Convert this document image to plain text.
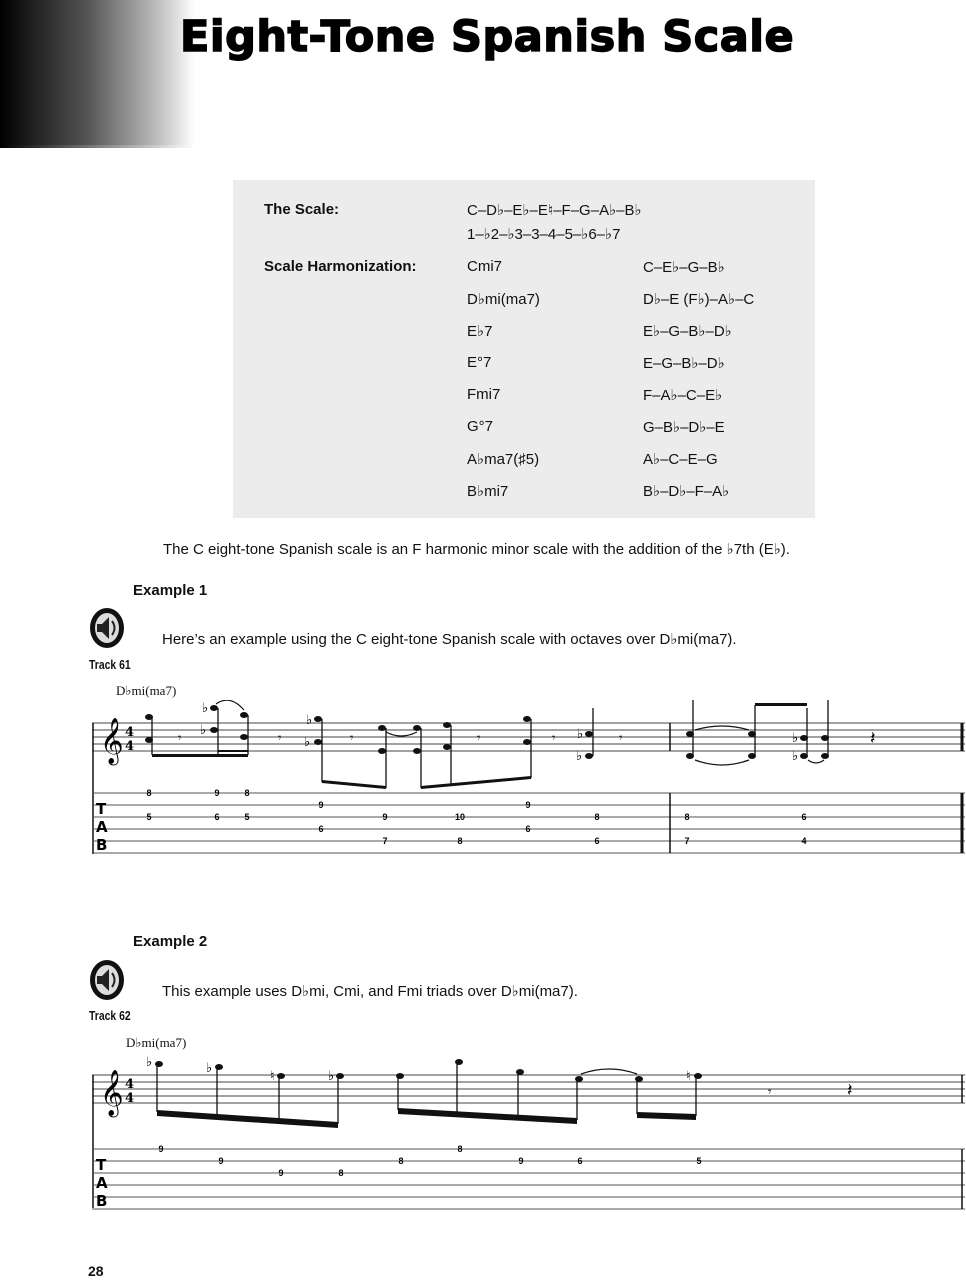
Eight-Tone Spanish Scale
The Scale:	C–D♭–E♭–E♮–F–G–A♭–B♭
1–♭2–♭3–3–4–5–♭6–♭7
Scale Harmonization:	Cmi7	C–E♭–G–B♭
D♭mi(ma7)	D♭–E (F♭)–A♭–C
E♭7	E♭–G–B♭–D♭
E°7	E–G–B♭–D♭
Fmi7	F–A♭–C–E♭
G°7	G–B♭–D♭–E
A♭ma7(♯5)	A♭–C–E–G
B♭mi7	B♭–D♭–F–A♭
The C eight-tone Spanish scale is an F harmonic minor scale with the addition of the ♭7th (E♭).
Example 1
Track 61
Here’s an example using the C eight-tone Spanish scale with octaves over D♭mi(ma7).
D♭mi(ma7)
𝄞 4
4
♭
♭
♭
♭
♭
♭
♭
♭
𝄾	𝄾	𝄾	𝄾	𝄾	𝄾	𝄽
T
A
B
8
5
9
6
8
5
9
6
9
7
10
8
9
6
8
6
8
7
6
4
Example 2
Track 62
This example uses D♭mi, Cmi, and Fmi triads over D♭mi(ma7).
D♭mi(ma7)
𝄞 4
4
♭	♭
♮	♭	♮
𝄾	𝄽
T
A
B
9
9
9	8
8
8
9	6	5
28
